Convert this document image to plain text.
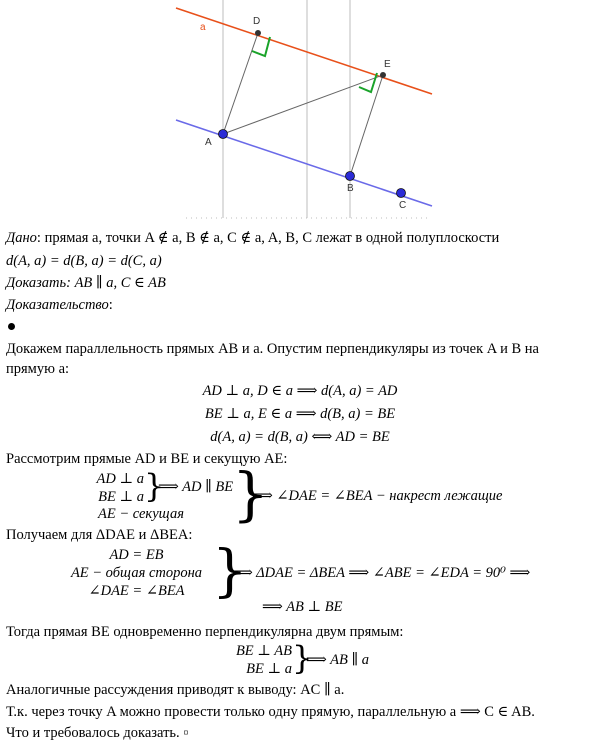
a
D
E
A
B
C
Дано: прямая a, точки A ∉ a, B ∉ a, C ∉ a, A, B, C лежат в одной полуплоскости
d(A, a) = d(B, a) = d(C, a)
Доказать: AB ∥ a, C ∈ AB
Доказательство:
Докажем параллельность прямых AB и a. Опустим перпендикуляры из точек A и B на
прямую a:
AD ⊥ a, D ∈ a ⟹ d(A, a) = AD
BE ⊥ a, E ∈ a ⟹ d(B, a) = BE
d(A, a) = d(B, a) ⟺ AD = BE
Рассмотрим прямые AD и BE и секущую AE:
AD ⊥ a
BE ⊥ a }
⟹ AD ∥ BE
AE − секущая }
⟹ ∠DAE = ∠BEA − накрест лежащие
Получаем для ΔDAE и ΔBEA:
AD = EB
AE − общая сторона
∠DAE = ∠BEA }
⟹ ΔDAE = ΔBEA ⟹ ∠ABE = ∠EDA = 90⁰ ⟹
⟹ AB ⊥ BE
Тогда прямая BE одновременно перпендикулярна двум прямым:
BE ⊥ AB
BE ⊥ a }
⟹ AB ∥ a
Аналогичные рассуждения приводят к выводу: AC ∥ a.
Т.к. через точку A можно провести только одну прямую, параллельную a ⟹ C ∈ AB.
Что и требовалось доказать. ▫
